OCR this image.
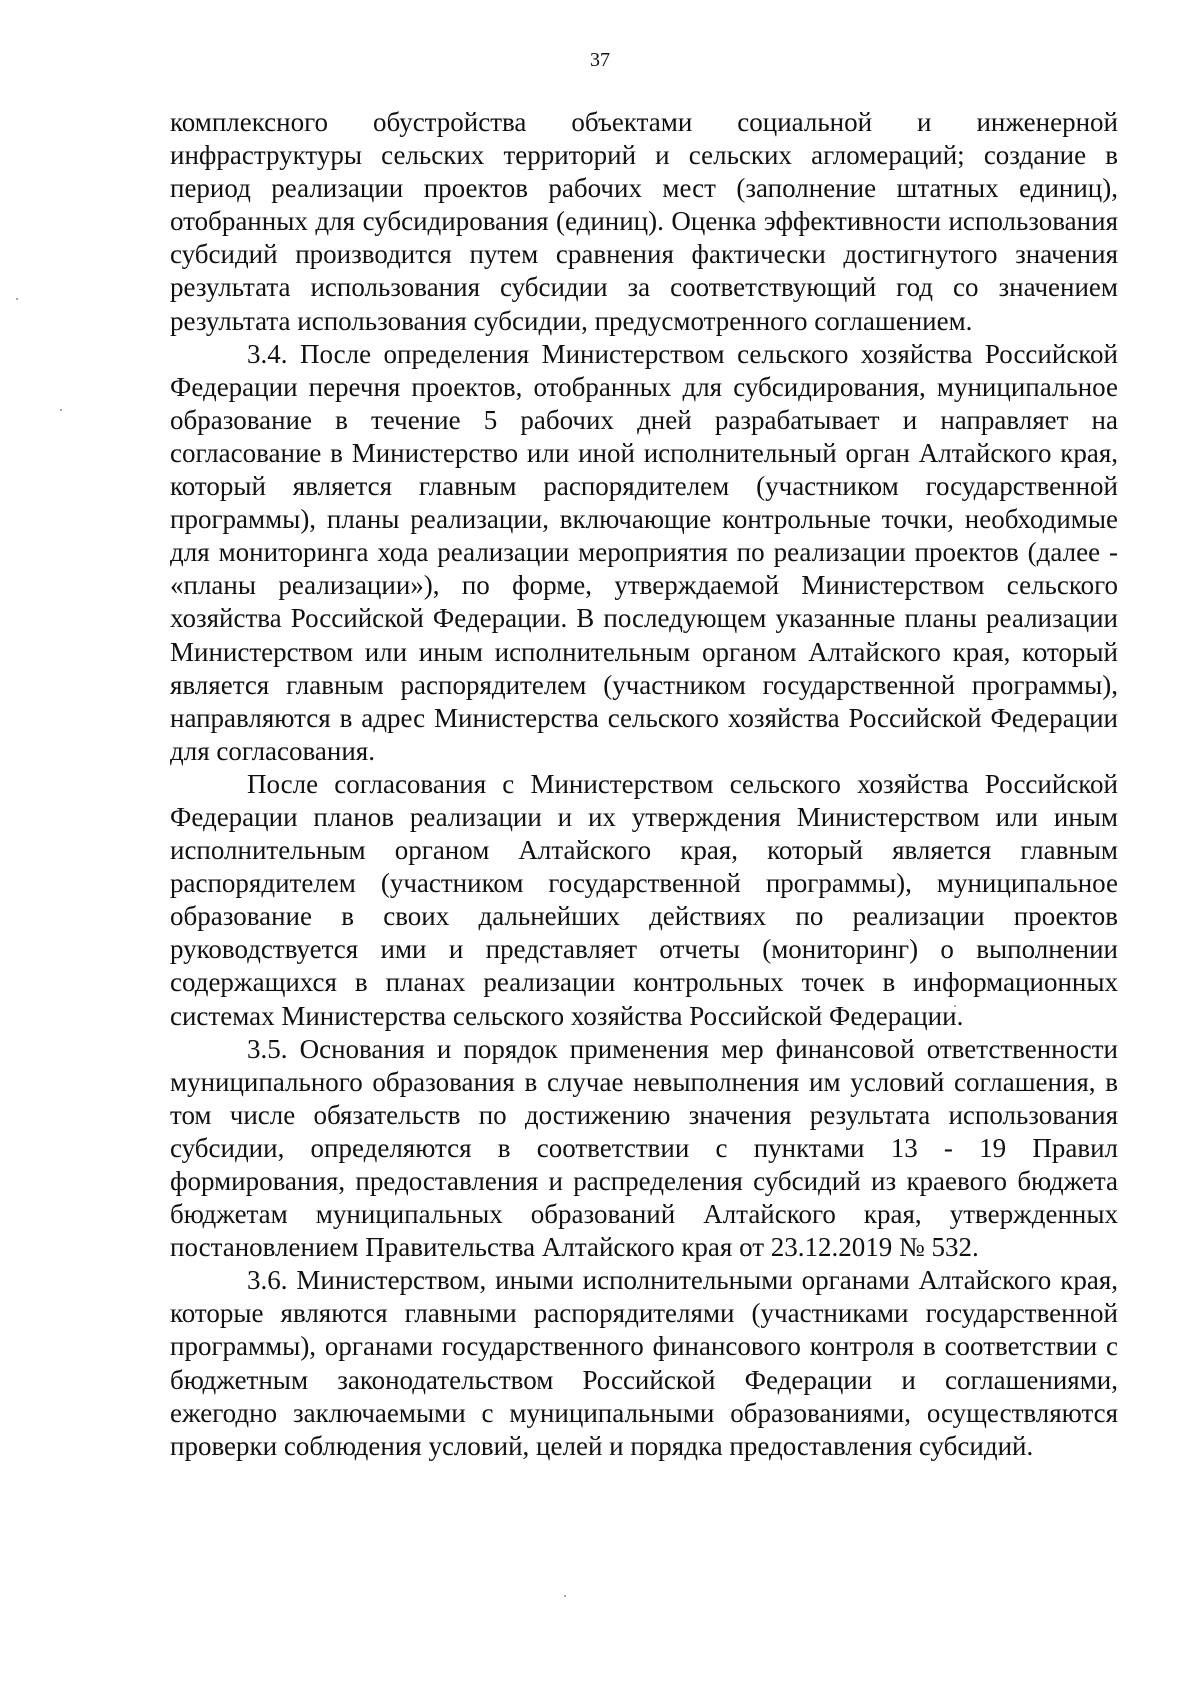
37

комплексного обустройства объектами социальной и инженерной инфраструктуры сельских территорий и сельских агломераций; создание в период реализации проектов рабочих мест (заполнение штатных единиц), отобранных для субсидирования (единиц). Оценка эффективности использования субсидий производится путем сравнения фактически достигнутого значения результата использования субсидии за соответствующий год со значением результата использования субсидии, предусмотренного соглашением.

3.4. После определения Министерством сельского хозяйства Российской Федерации перечня проектов, отобранных для субсидирования, муниципальное образование в течение 5 рабочих дней разрабатывает и направляет на согласование в Министерство или иной исполнительный орган Алтайского края, который является главным распорядителем (участником государственной программы), планы реализации, включающие контрольные точки, необходимые для мониторинга хода реализации мероприятия по реализации проектов (далее - «планы реализации»), по форме, утверждаемой Министерством сельского хозяйства Российской Федерации. В последующем указанные планы реализации Министерством или иным исполнительным органом Алтайского края, который является главным распорядителем (участником государственной программы), направляются в адрес Министерства сельского хозяйства Российской Федерации для согласования.

После согласования с Министерством сельского хозяйства Российской Федерации планов реализации и их утверждения Министерством или иным исполнительным органом Алтайского края, который является главным распорядителем (участником государственной программы), муниципальное образование в своих дальнейших действиях по реализации проектов руководствуется ими и представляет отчеты (мониторинг) о выполнении содержащихся в планах реализации контрольных точек в информационных системах Министерства сельского хозяйства Российской Федерации.

3.5. Основания и порядок применения мер финансовой ответственности муниципального образования в случае невыполнения им условий соглашения, в том числе обязательств по достижению значения результата использования субсидии, определяются в соответствии с пунктами 13 - 19 Правил формирования, предоставления и распределения субсидий из краевого бюджета бюджетам муниципальных образований Алтайского края, утвержденных постановлением Правительства Алтайского края от 23.12.2019 № 532.

3.6. Министерством, иными исполнительными органами Алтайского края, которые являются главными распорядителями (участниками государственной программы), органами государственного финансового контроля в соответствии с бюджетным законодательством Российской Федерации и соглашениями, ежегодно заключаемыми с муниципальными образованиями, осуществляются проверки соблюдения условий, целей и порядка предоставления субсидий.
